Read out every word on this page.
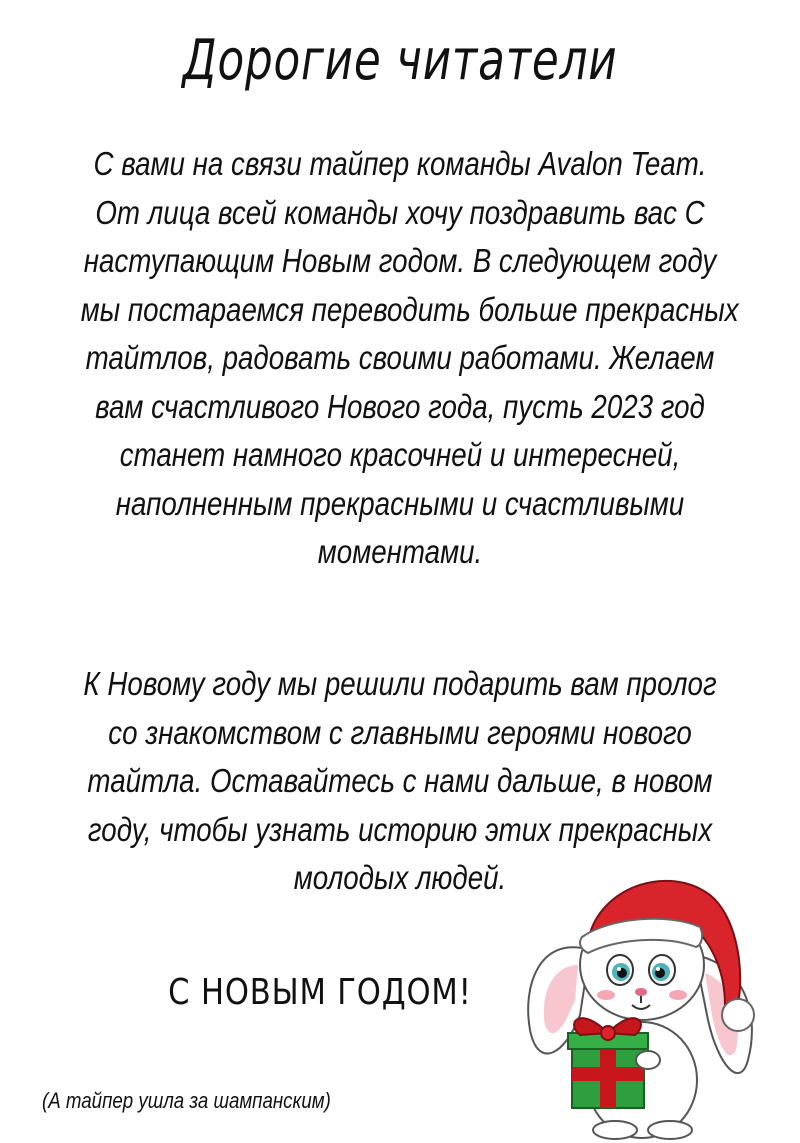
Дорогие читатели
С вами на связи тайпер команды Avalon Team.
От лица всей команды хочу поздравить вас С
наступающим Новым годом. В следующем году
мы постараемся переводить больше прекрасных
тайтлов, радовать своими работами. Желаем
вам счастливого Нового года, пусть 2023 год
станет намного красочней и интересней,
наполненным прекрасными и счастливыми
моментами.
К Новому году мы решили подарить вам пролог
со знакомством с главными героями нового
тайтла. Оставайтесь с нами дальше, в новом
году, чтобы узнать историю этих прекрасных
молодых людей.
С НОВЫМ ГОДОМ!
(А тайпер ушла за шампанским)
